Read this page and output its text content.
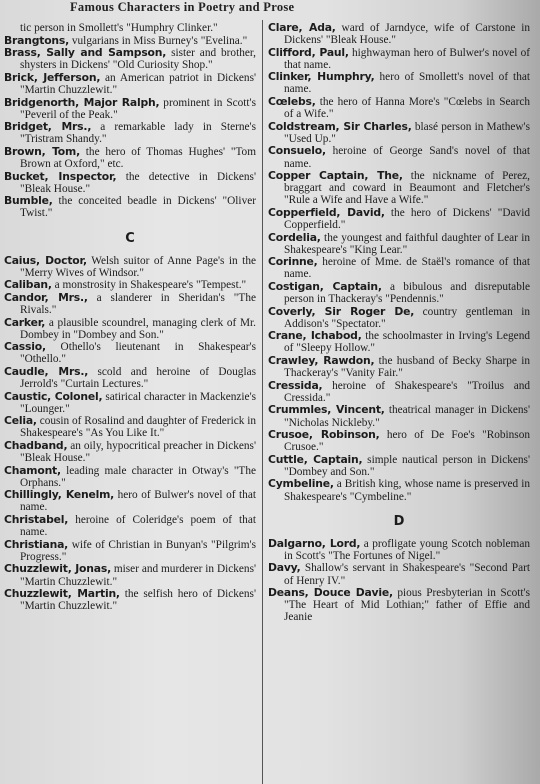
Famous Characters in Poetry and Prose
tic person in Smollett's "Humphry Clinker."
Brangtons, vulgarians in Miss Burney's "Evelina."
Brass, Sally and Sampson, sister and brother, shysters in Dickens' "Old Curiosity Shop."
Brick, Jefferson, an American patriot in Dickens' "Martin Chuzzlewit."
Bridgenorth, Major Ralph, prominent in Scott's "Peveril of the Peak."
Bridget, Mrs., a remarkable lady in Sterne's "Tristram Shandy."
Brown, Tom, the hero of Thomas Hughes' "Tom Brown at Oxford," etc.
Bucket, Inspector, the detective in Dickens' "Bleak House."
Bumble, the conceited beadle in Dickens' "Oliver Twist."
C
Caius, Doctor, Welsh suitor of Anne Page's in the "Merry Wives of Windsor."
Caliban, a monstrosity in Shakespeare's "Tempest."
Candor, Mrs., a slanderer in Sheridan's "The Rivals."
Carker, a plausible scoundrel, managing clerk of Mr. Dombey in "Dombey and Son."
Cassio, Othello's lieutenant in Shakespear's "Othello."
Caudle, Mrs., scold and heroine of Douglas Jerrold's "Curtain Lectures."
Caustic, Colonel, satirical character in Mackenzie's "Lounger."
Celia, cousin of Rosalind and daughter of Frederick in Shakespeare's "As You Like It."
Chadband, an oily, hypocritical preacher in Dickens' "Bleak House."
Chamont, leading male character in Otway's "The Orphans."
Chillingly, Kenelm, hero of Bulwer's novel of that name.
Christabel, heroine of Coleridge's poem of that name.
Christiana, wife of Christian in Bunyan's "Pilgrim's Progress."
Chuzzlewit, Jonas, miser and murderer in Dickens' "Martin Chuzzlewit."
Chuzzlewit, Martin, the selfish hero of Dickens' "Martin Chuzzlewit."
Clare, Ada, ward of Jarndyce, wife of Carstone in Dickens' "Bleak House."
Clifford, Paul, highwayman hero of Bulwer's novel of that name.
Clinker, Humphry, hero of Smollett's novel of that name.
Cœlebs, the hero of Hanna More's "Cœlebs in Search of a Wife."
Coldstream, Sir Charles, blasé person in Mathew's "Used Up."
Consuelo, heroine of George Sand's novel of that name.
Copper Captain, The, the nickname of Perez, braggart and coward in Beaumont and Fletcher's "Rule a Wife and Have a Wife."
Copperfield, David, the hero of Dickens' "David Copperfield."
Cordelia, the youngest and faithful daughter of Lear in Shakespeare's "King Lear."
Corinne, heroine of Mme. de Staël's romance of that name.
Costigan, Captain, a bibulous and disreputable person in Thackeray's "Pendennis."
Coverly, Sir Roger De, country gentleman in Addison's "Spectator."
Crane, Ichabod, the schoolmaster in Irving's Legend of "Sleepy Hollow."
Crawley, Rawdon, the husband of Becky Sharpe in Thackeray's "Vanity Fair."
Cressida, heroine of Shakespeare's "Troilus and Cressida."
Crummles, Vincent, theatrical manager in Dickens' "Nicholas Nickleby."
Crusoe, Robinson, hero of De Foe's "Robinson Crusoe."
Cuttle, Captain, simple nautical person in Dickens' "Dombey and Son."
Cymbeline, a British king, whose name is preserved in Shakespeare's "Cymbeline."
D
Dalgarno, Lord, a profligate young Scotch nobleman in Scott's "The Fortunes of Nigel."
Davy, Shallow's servant in Shakespeare's "Second Part of Henry IV."
Deans, Douce Davie, pious Presbyterian in Scott's "The Heart of Mid Lothian;" father of Effie and Jeanie
